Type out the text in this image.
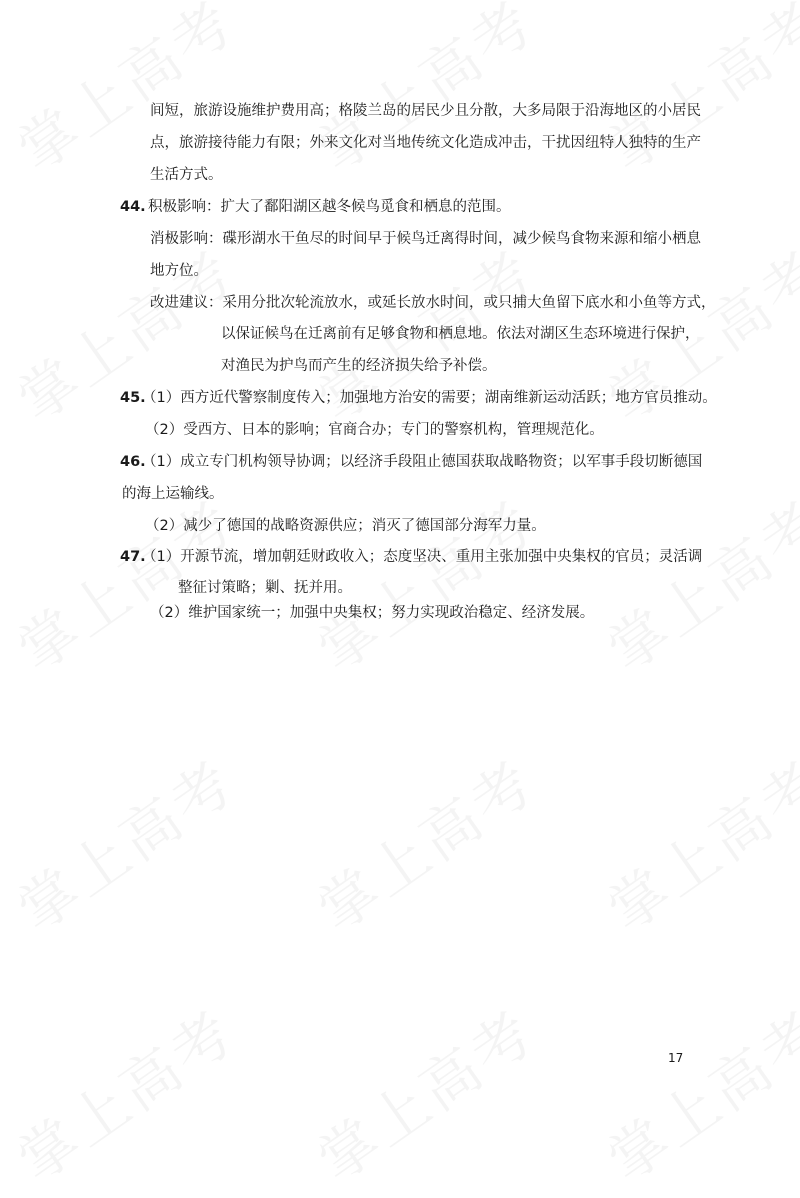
间短，旅游设施维护费用高；格陵兰岛的居民少且分散，大多局限于沿海地区的小居民
点，旅游接待能力有限；外来文化对当地传统文化造成冲击，干扰因纽特人独特的生产
生活方式。
44. 积极影响：扩大了鄱阳湖区越冬候鸟觅食和栖息的范围。
消极影响：碟形湖水干鱼尽的时间早于候鸟迁离得时间，减少候鸟食物来源和缩小栖息
地方位。
改进建议：采用分批次轮流放水，或延长放水时间，或只捕大鱼留下底水和小鱼等方式，
以保证候鸟在迁离前有足够食物和栖息地。依法对湖区生态环境进行保护，
对渔民为护鸟而产生的经济损失给予补偿。
45.
（1）西方近代警察制度传入；加强地方治安的需要；湖南维新运动活跃；地方官员推动。
（2）受西方、日本的影响；官商合办；专门的警察机构，管理规范化。
46.
（1）成立专门机构领导协调；以经济手段阻止德国获取战略物资；以军事手段切断德国
的海上运输线。
（2）减少了德国的战略资源供应；消灭了德国部分海军力量。
47.
（1）开源节流，增加朝廷财政收入；态度坚决、重用主张加强中央集权的官员；灵活调
整征讨策略；剿、抚并用。
（2）维护国家统一；加强中央集权；努力实现政治稳定、经济发展。
17
